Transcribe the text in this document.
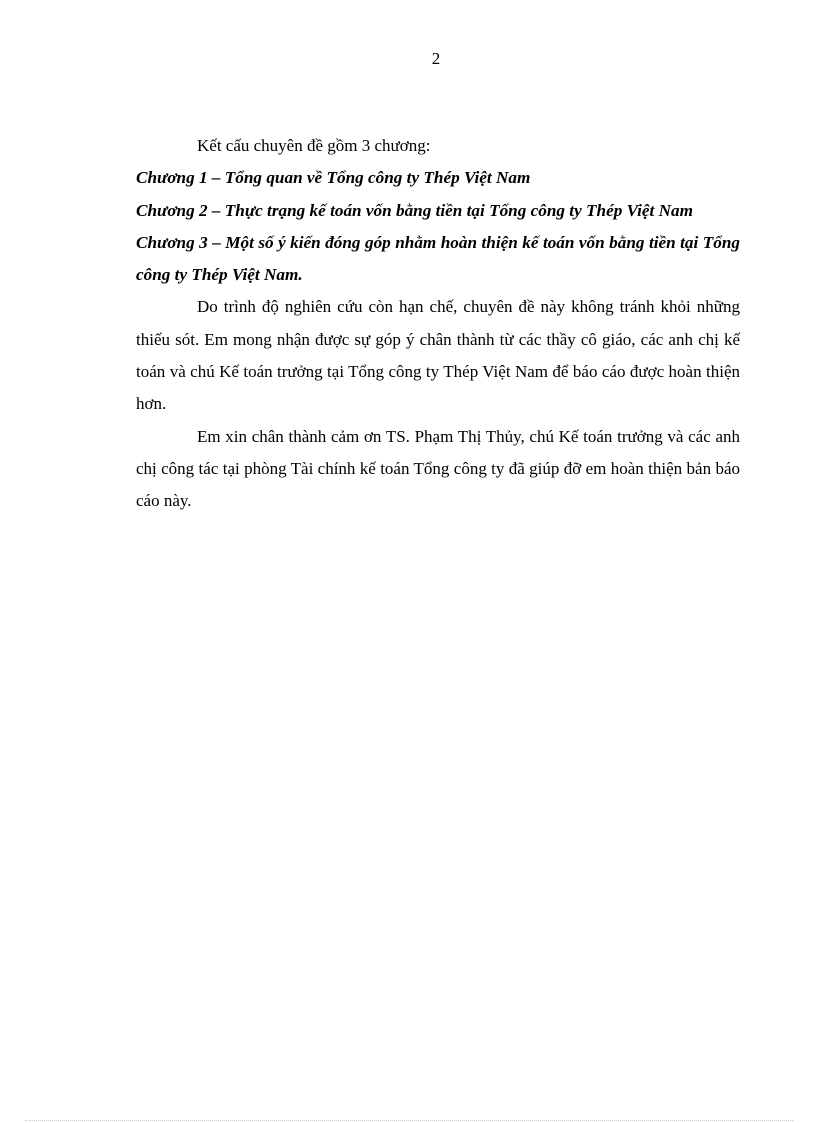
2

Kết cấu chuyên đề gồm 3 chương:

Chương 1 – Tổng quan về Tổng công ty Thép Việt Nam

Chương 2 – Thực trạng kế toán vốn bằng tiền tại Tổng công ty Thép Việt Nam

Chương 3 – Một số ý kiến đóng góp nhằm hoàn thiện kế toán vốn bằng tiền tại Tổng công ty Thép Việt Nam.

Do trình độ nghiên cứu còn hạn chế, chuyên đề này không tránh khỏi những thiếu sót. Em mong nhận được sự góp ý chân thành từ các thầy cô giáo, các anh chị kế toán và chú Kế toán trưởng tại Tổng công ty Thép Việt Nam để báo cáo được hoàn thiện hơn.

Em xin chân thành cảm ơn TS. Phạm Thị Thủy, chú Kế toán trưởng và các anh chị công tác tại phòng Tài chính kế toán Tổng công ty đã giúp đỡ em hoàn thiện bản báo cáo này.
